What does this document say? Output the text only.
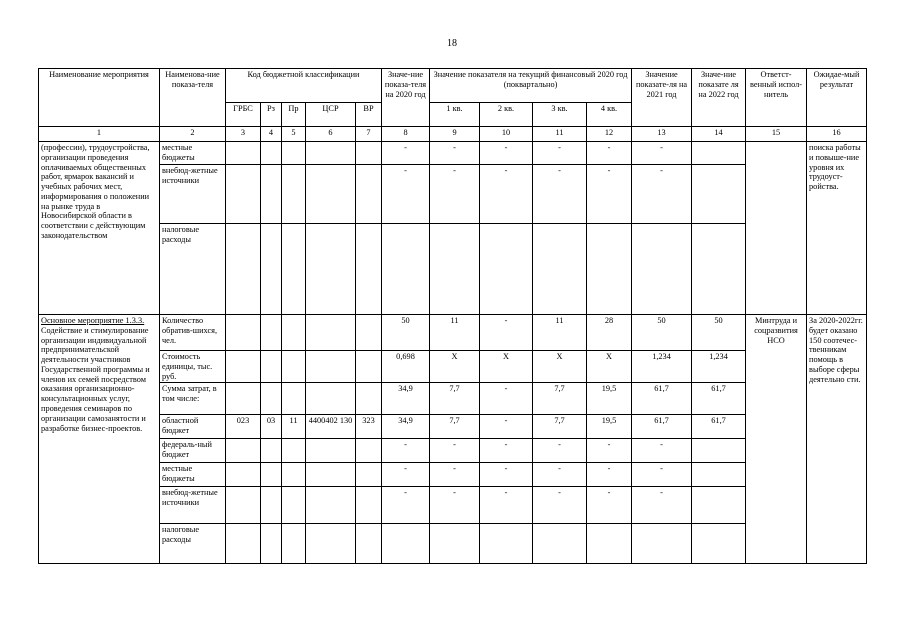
18
Наименование мероприятия	Наименова-ние показа-теля	Код бюджетной классификации					Значе-ние показа-теля на 2020 год	Значение показателя на текущий финансовый 2020 год (поквартально)				Значение показате-ля на 2021 год	Значе-ние показате ля на 2022 год	Ответст-венный испол-нитель	Ожидае-мый результат
		ГРБС	Рз	Пр	ЦСР	ВР		1 кв.	2 кв.	3 кв.	4 кв.				
1	2	3	4	5	6	7	8	9	10	11	12	13	14	15	16
(профессии), трудоустройства, организации проведения оплачиваемых общественных работ, ярмарок вакансий и учебных рабочих мест, информирования о положении на рынке труда в Новосибирской области в соответствии с действующим законодательством	местные бюджеты						-	-	-	-	-	-			поиска работы и повыше-ние уровня их трудоуст-ройства.
	внебюд-жетные источники						-	-	-	-	-	-			
	налоговые расходы														

Основное мероприятие 1.3.3.
Содействие и стимулирование организации индивидуальной предпринимательской деятельности участников Государственной программы и членов их семей посредством оказания организационно-консультационных услуг, проведения семинаров по организации самозанятости и разработке бизнес-проектов.	Количество обратив-шихся, чел.						50	11	-	11	28	50	50	Минтруда и соцразвития НСО	За 2020-2022гг. будет оказано 150 соотечес-твенникам помощь в выборе сферы деятельно сти.
	Стоимость единицы, тыс. руб.						0,698	X	X	X	X	1,234	1,234		
	Сумма затрат, в том числе:						34,9	7,7	-	7,7	19,5	61,7	61,7		
	областной бюджет	023	03	11	4400402 130	323	34,9	7,7	-	7,7	19,5	61,7	61,7		
	федераль-ный бюджет						-	-	-	-	-	-			
	местные бюджеты						-	-	-	-	-	-			
	внебюд-жетные источники						-	-	-	-	-	-			
	налоговые расходы														
